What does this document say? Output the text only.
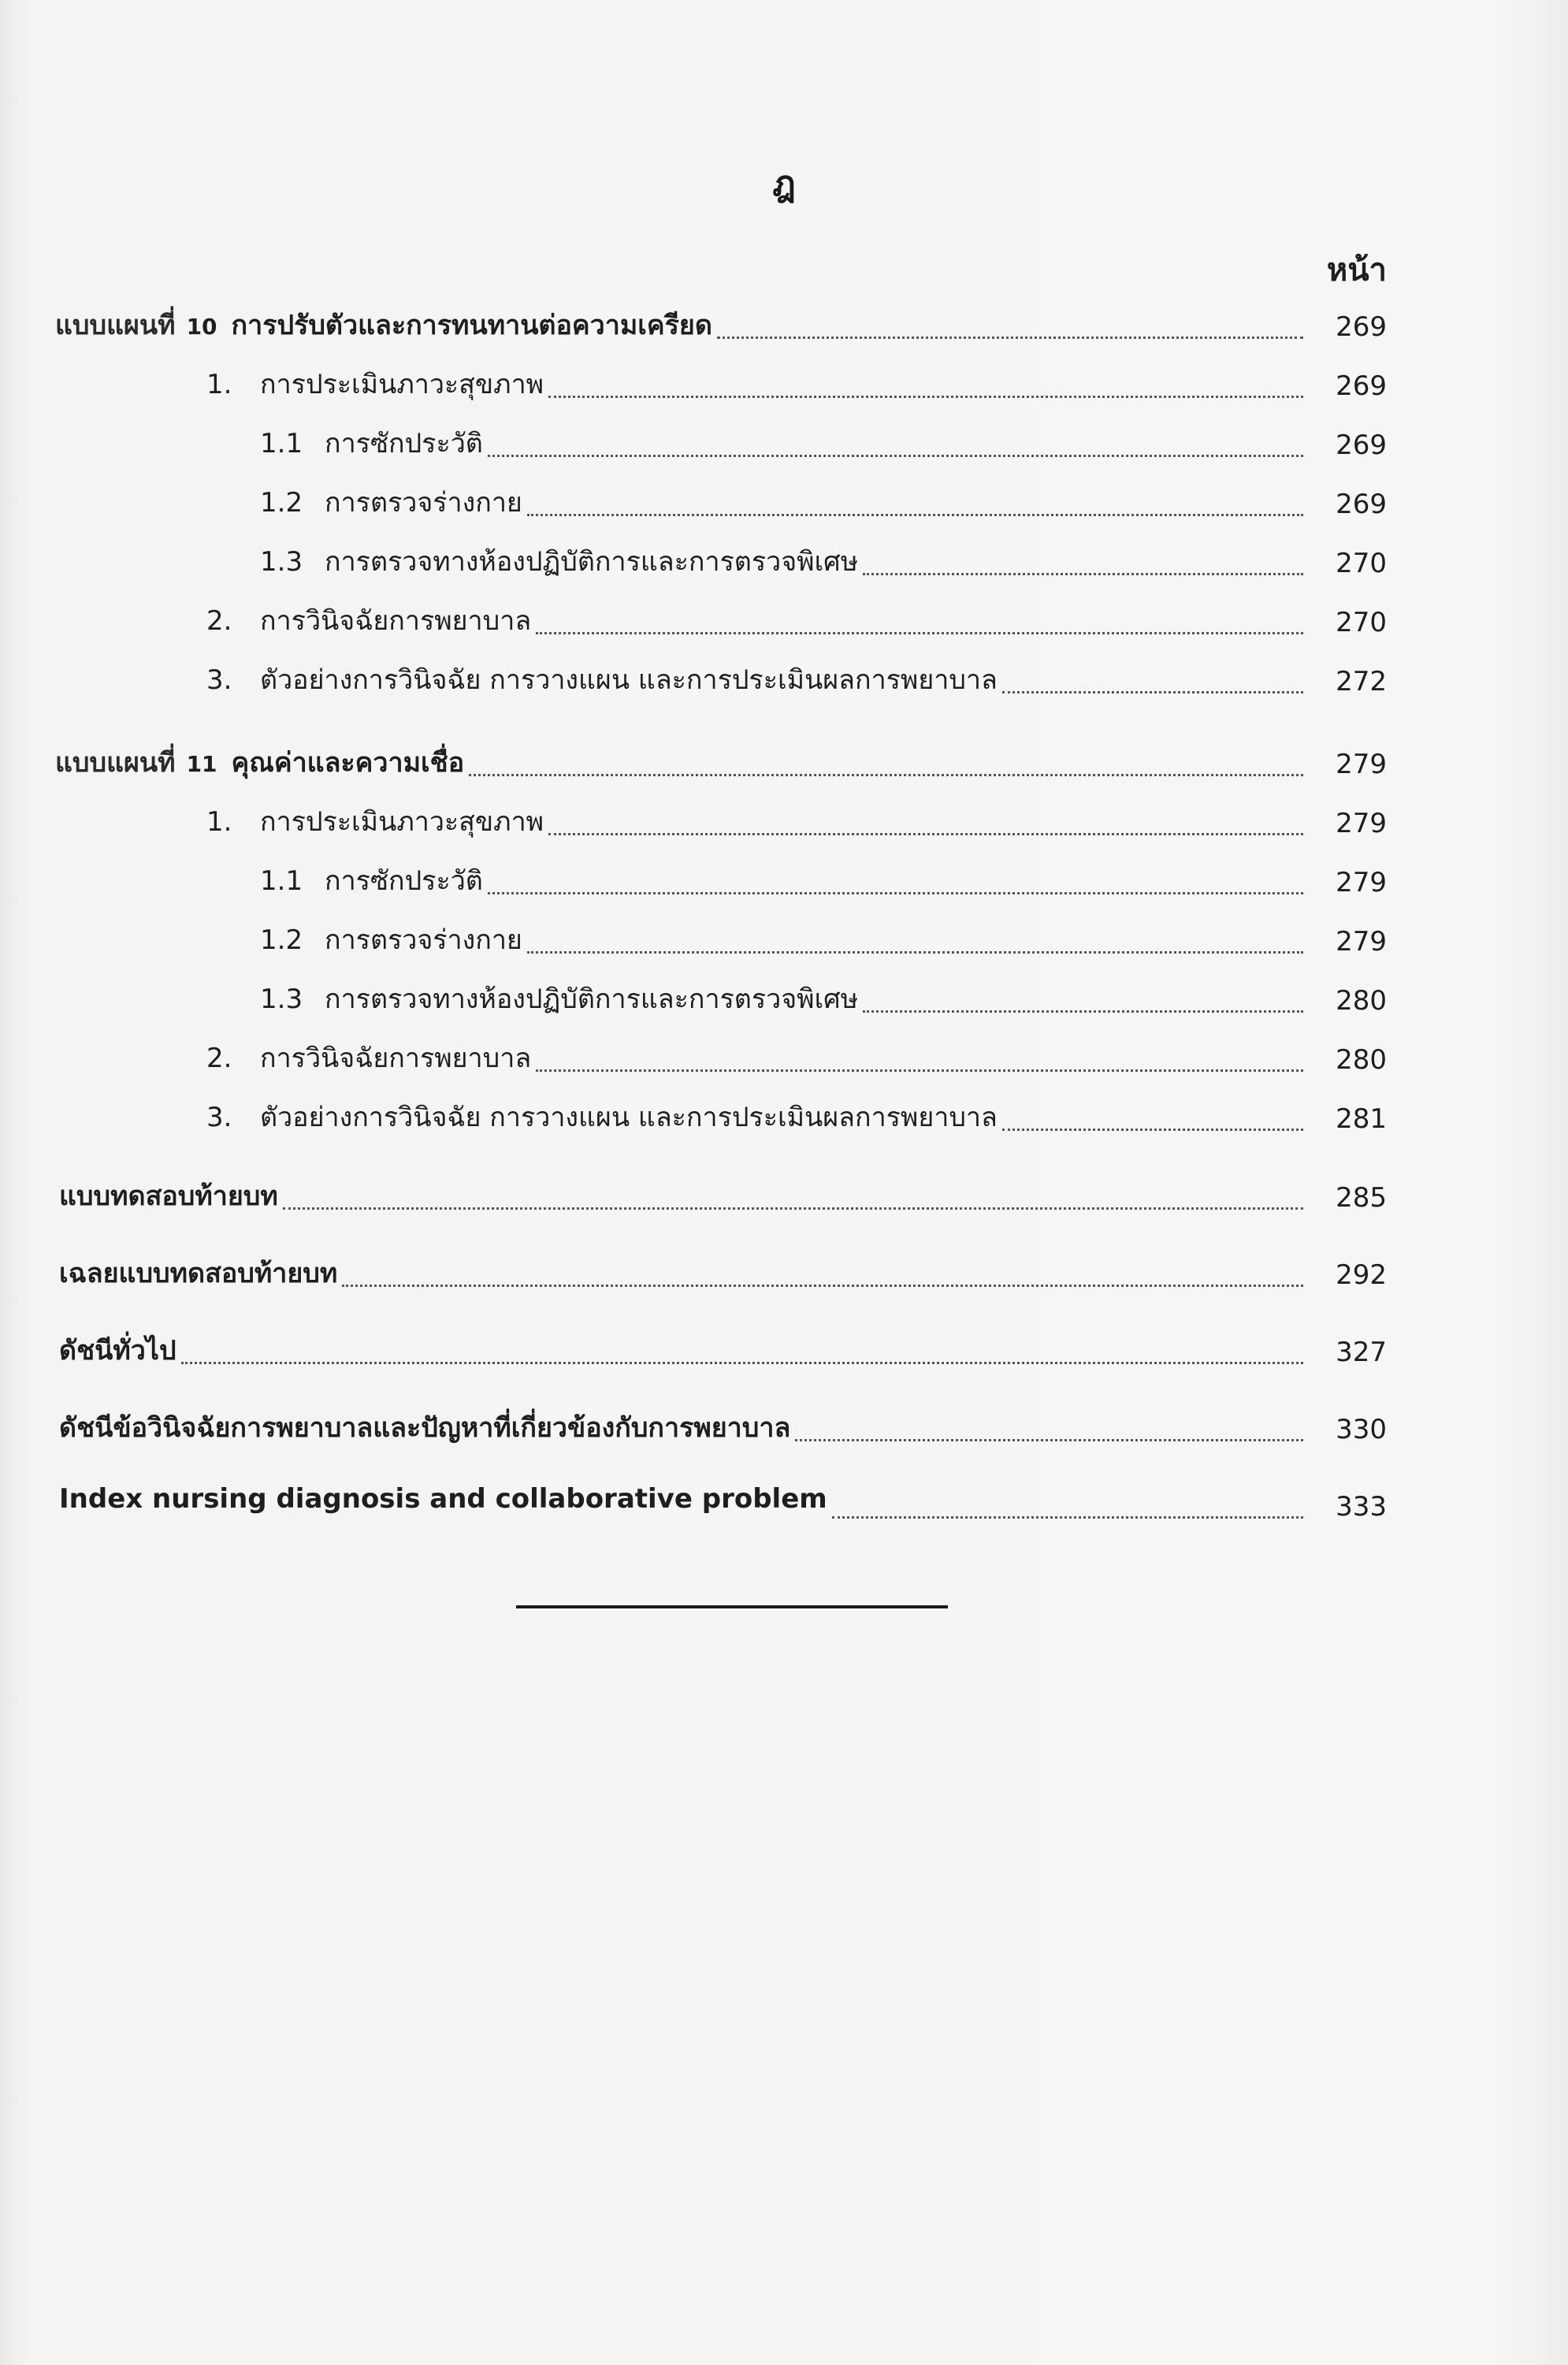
ฎ
หน้า
แบบแผนที่ 10 การปรับตัวและการทนทานต่อความเครียด	269
1.	การประเมินภาวะสุขภาพ	269
1.1 การซักประวัติ	269
1.2 การตรวจร่างกาย	269
1.3 การตรวจทางห้องปฏิบัติการและการตรวจพิเศษ	270
2.	การวินิจฉัยการพยาบาล	270
3.	ตัวอย่างการวินิจฉัย การวางแผน และการประเมินผลการพยาบาล	272
แบบแผนที่ 11 คุณค่าและความเชื่อ	279
1.	การประเมินภาวะสุขภาพ	279
1.1 การซักประวัติ	279
1.2 การตรวจร่างกาย	279
1.3 การตรวจทางห้องปฏิบัติการและการตรวจพิเศษ	280
2.	การวินิจฉัยการพยาบาล	280
3.	ตัวอย่างการวินิจฉัย การวางแผน และการประเมินผลการพยาบาล	281
แบบทดสอบท้ายบท	285
เฉลยแบบทดสอบท้ายบท	292
ดัชนีทั่วไป	327
ดัชนีข้อวินิจฉัยการพยาบาลและปัญหาที่เกี่ยวข้องกับการพยาบาล	330
Index nursing diagnosis and collaborative problem	333
